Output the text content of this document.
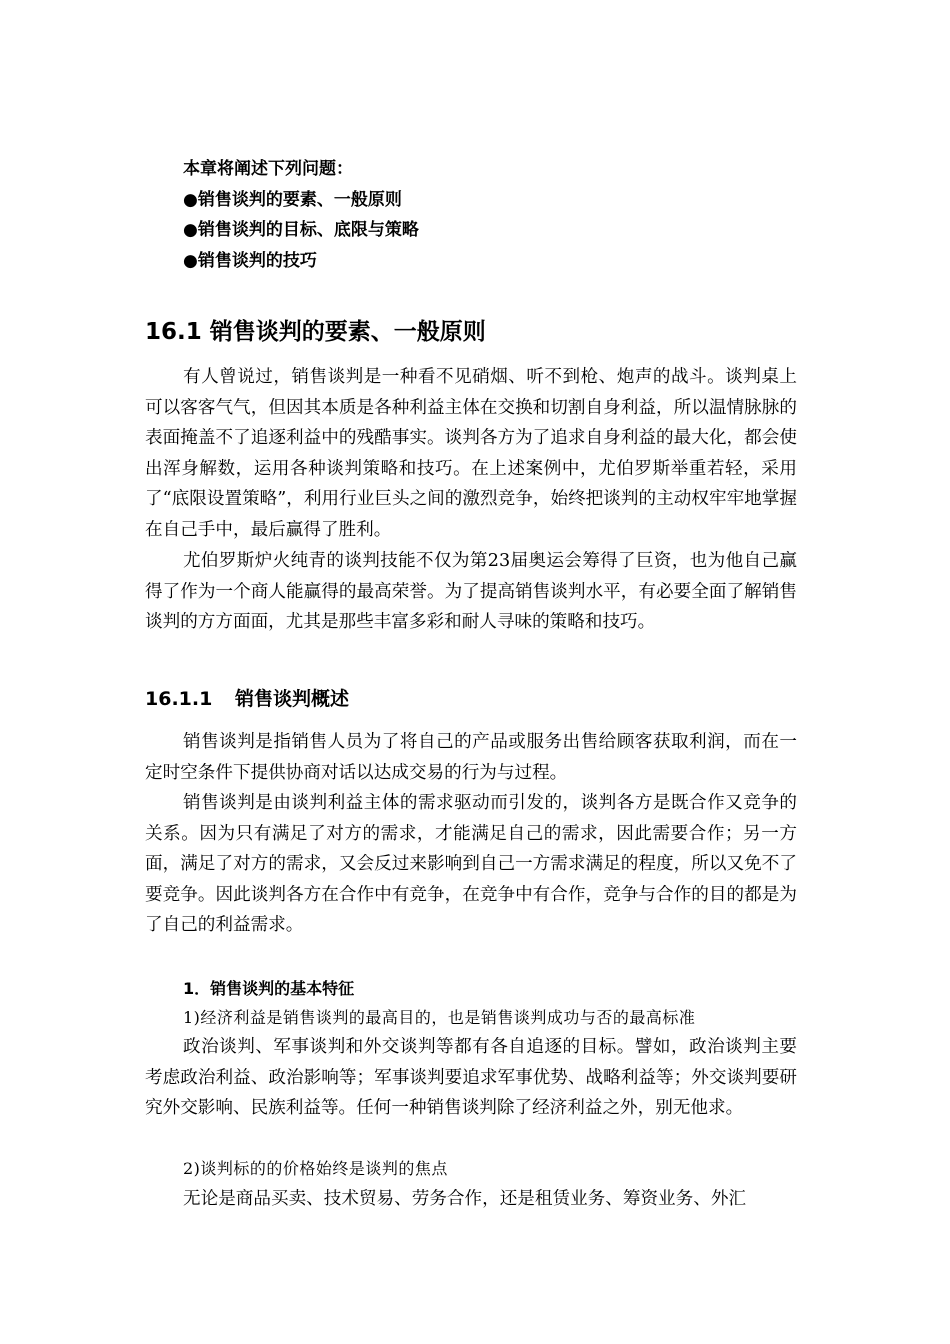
本章将阐述下列问题：
●销售谈判的要素、一般原则
●销售谈判的目标、底限与策略
●销售谈判的技巧
16.1 销售谈判的要素、一般原则

有人曾说过，销售谈判是一种看不见硝烟、听不到枪、炮声的战斗。谈判桌上可以客客气气，但因其本质是各种利益主体在交换和切割自身利益，所以温情脉脉的表面掩盖不了追逐利益中的残酷事实。谈判各方为了追求自身利益的最大化，都会使出浑身解数，运用各种谈判策略和技巧。在上述案例中，尤伯罗斯举重若轻，采用了“底限设置策略”，利用行业巨头之间的激烈竞争，始终把谈判的主动权牢牢地掌握在自己手中，最后赢得了胜利。

尤伯罗斯炉火纯青的谈判技能不仅为第23届奥运会筹得了巨资，也为他自己赢得了作为一个商人能赢得的最高荣誉。为了提高销售谈判水平，有必要全面了解销售谈判的方方面面，尤其是那些丰富多彩和耐人寻味的策略和技巧。

16.1.1 销售谈判概述

销售谈判是指销售人员为了将自己的产品或服务出售给顾客获取利润，而在一定时空条件下提供协商对话以达成交易的行为与过程。

销售谈判是由谈判利益主体的需求驱动而引发的，谈判各方是既合作又竞争的关系。因为只有满足了对方的需求，才能满足自己的需求，因此需要合作；另一方面，满足了对方的需求，又会反过来影响到自己一方需求满足的程度，所以又免不了要竞争。因此谈判各方在合作中有竞争，在竞争中有合作，竞争与合作的目的都是为了自己的利益需求。

1．销售谈判的基本特征
1)经济利益是销售谈判的最高目的，也是销售谈判成功与否的最高标准

政治谈判、军事谈判和外交谈判等都有各自追逐的目标。譬如，政治谈判主要考虑政治利益、政治影响等；军事谈判要追求军事优势、战略利益等；外交谈判要研究外交影响、民族利益等。任何一种销售谈判除了经济利益之外，别无他求。

2)谈判标的的价格始终是谈判的焦点

无论是商品买卖、技术贸易、劳务合作，还是租赁业务、筹资业务、外汇
